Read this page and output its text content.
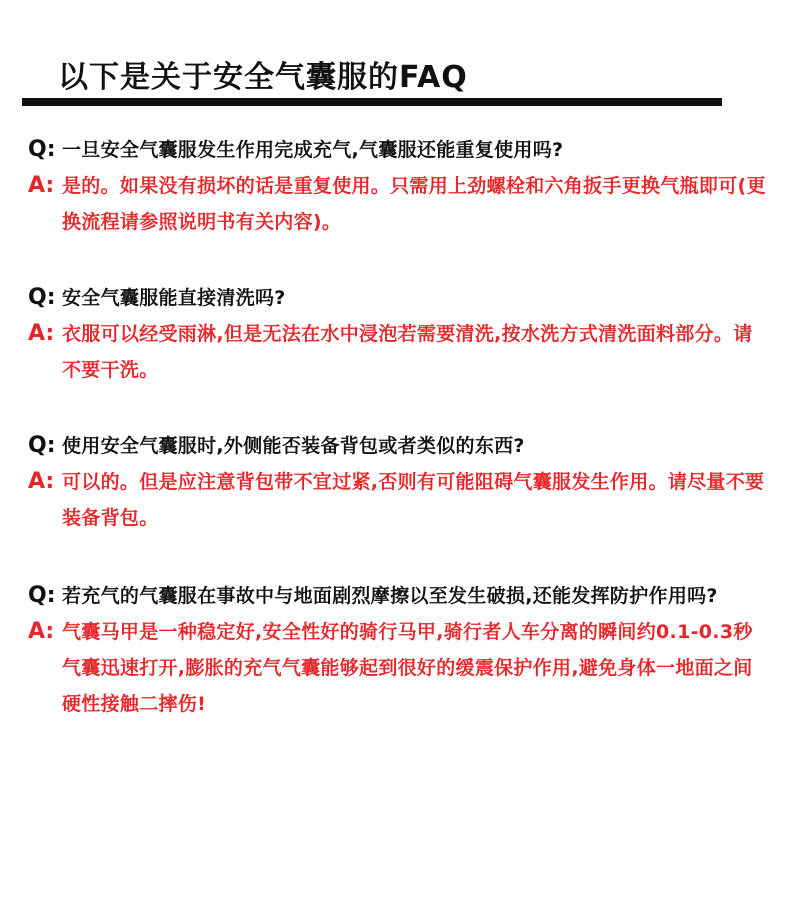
以下是关于安全气囊服的FAQ
Q: 一旦安全气囊服发生作用完成充气,气囊服还能重复使用吗?
A: 是的。如果没有损坏的话是重复使用。只需用上劲螺栓和六角扳手更换气瓶即可(更换流程请参照说明书有关内容)。
Q: 安全气囊服能直接清洗吗?
A: 衣服可以经受雨淋,但是无法在水中浸泡若需要清洗,按水洗方式清洗面料部分。请不要干洗。
Q: 使用安全气囊服时,外侧能否装备背包或者类似的东西?
A: 可以的。但是应注意背包带不宜过紧,否则有可能阻碍气囊服发生作用。请尽量不要装备背包。
Q: 若充气的气囊服在事故中与地面剧烈摩擦以至发生破损,还能发挥防护作用吗?
A: 气囊马甲是一种稳定好,安全性好的骑行马甲,骑行者人车分离的瞬间约0.1-0.3秒气囊迅速打开,膨胀的充气气囊能够起到很好的缓震保护作用,避免身体一地面之间硬性接触二摔伤!
